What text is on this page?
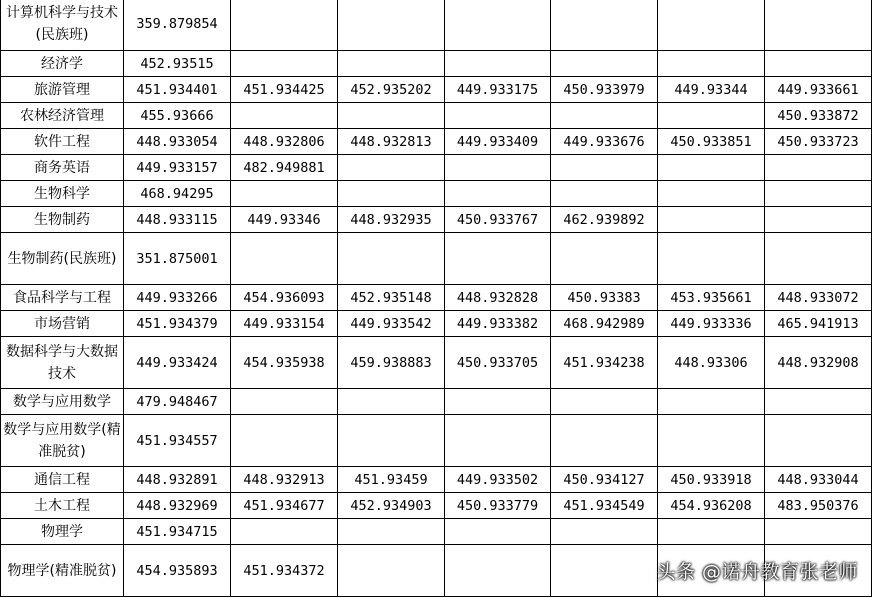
计算机科学与技术(民族班)	359.879854						
经济学	452.93515						
旅游管理	451.934401	451.934425	452.935202	449.933175	450.933979	449.93344	449.933661
农林经济管理	455.93666						450.933872
软件工程	448.933054	448.932806	448.932813	449.933409	449.933676	450.933851	450.933723
商务英语	449.933157	482.949881					
生物科学	468.94295						
生物制药	448.933115	449.93346	448.932935	450.933767	462.939892		
生物制药(民族班)	351.875001						
食品科学与工程	449.933266	454.936093	452.935148	448.932828	450.93383	453.935661	448.933072
市场营销	451.934379	449.933154	449.933542	449.933382	468.942989	449.933336	465.941913
数据科学与大数据技术	449.933424	454.935938	459.938883	450.933705	451.934238	448.93306	448.932908
数学与应用数学	479.948467						
数学与应用数学(精准脱贫)	451.934557						
通信工程	448.932891	448.932913	451.93459	449.933502	450.934127	450.933918	448.933044
土木工程	448.932969	451.934677	452.934903	450.933779	451.934549	454.936208	483.950376
物理学	451.934715						
物理学(精准脱贫)	454.935893	451.934372						头条 @诺舟教育张老师
